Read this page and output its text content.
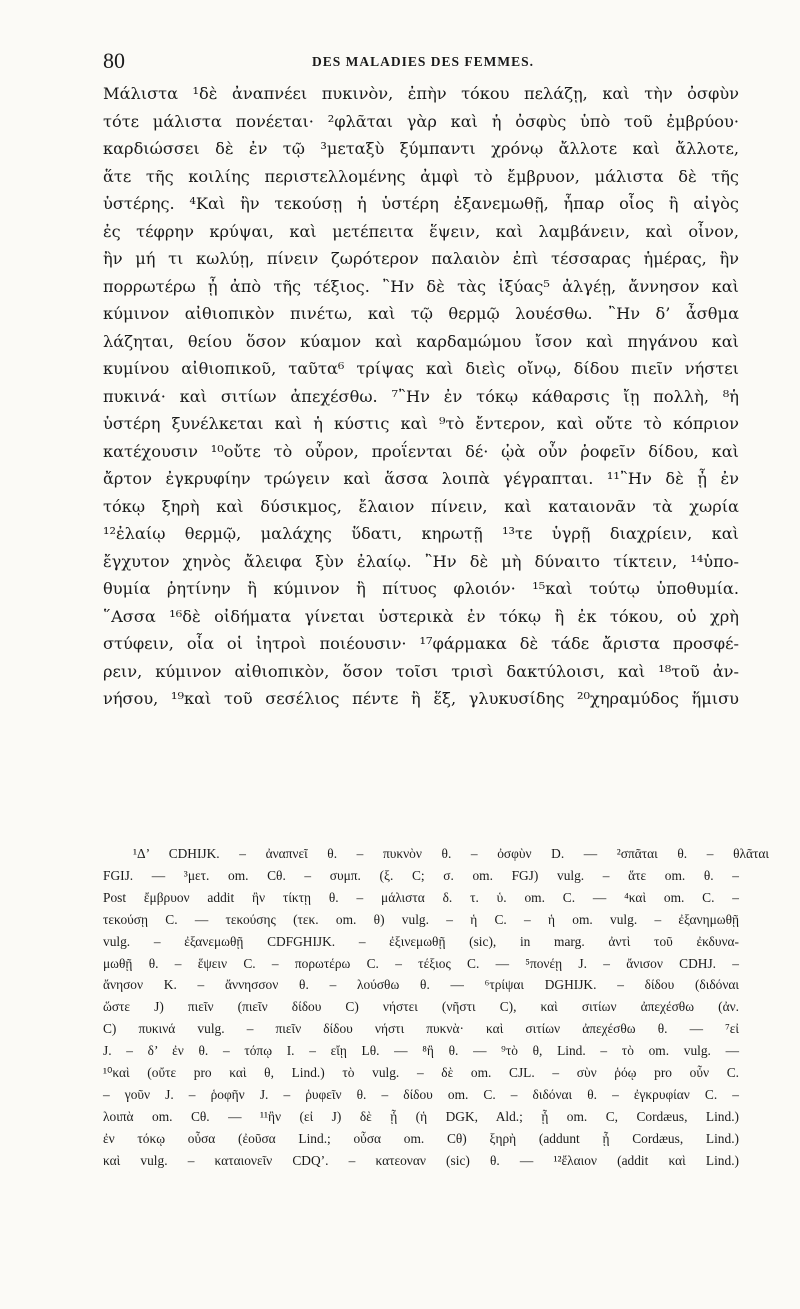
80	DES MALADIES DES FEMMES.
Μάλιστα ¹δὲ ἀναπνέει πυκινὸν, ἐπὴν τόκου πελάζῃ, καὶ τὴν ὀσφὺν
τότε μάλιστα πονέεται· ²φλᾶται γὰρ καὶ ἡ ὀσφὺς ὑπὸ τοῦ ἐμβρύου·
καρδιώσσει δὲ ἐν τῷ ³μεταξὺ ξύμπαντι χρόνῳ ἄλλοτε καὶ ἄλλοτε,
ἅτε τῆς κοιλίης περιστελλομένης ἀμφὶ τὸ ἔμβρυον, μάλιστα δὲ τῆς
ὑστέρης. ⁴Καὶ ἢν τεκούσῃ ἡ ὑστέρη ἐξανεμωθῇ, ἧπαρ οἷος ἢ αἰγὸς
ἐς τέφρην κρύψαι, καὶ μετέπειτα ἕψειν, καὶ λαμβάνειν, καὶ οἶνον,
ἢν μή τι κωλύῃ, πίνειν ζωρότερον παλαιὸν ἐπὶ τέσσαρας ἡμέρας, ἢν
πορρωτέρω ᾖ ἀπὸ τῆς τέξιος. ῍Ην δὲ τὰς ἰξύας⁵ ἀλγέῃ, ἄννησον καὶ
κύμινον αἰθιοπικὸν πινέτω, καὶ τῷ θερμῷ λουέσθω. ῍Ην δ’ ἆσθμα
λάζηται, θείου ὅσον κύαμον καὶ καρδαμώμου ἴσον καὶ πηγάνου καὶ
κυμίνου αἰθιοπικοῦ, ταῦτα⁶ τρίψας καὶ διεὶς οἴνῳ, δίδου πιεῖν νήστει
πυκινά· καὶ σιτίων ἀπεχέσθω. ⁷῍Ην ἐν τόκῳ κάθαρσις ἴῃ πολλὴ, ⁸ἡ
ὑστέρη ξυνέλκεται καὶ ἡ κύστις καὶ ⁹τὸ ἔντερον, καὶ οὔτε τὸ κόπριον
κατέχουσιν ¹⁰οὔτε τὸ οὖρον, προΐενται δέ· ᾠὰ οὖν ῥοφεῖν δίδου, καὶ
ἄρτον ἐγκρυφίην τρώγειν καὶ ἅσσα λοιπὰ γέγραπται. ¹¹῍Ην δὲ ᾖ ἐν
τόκῳ ξηρὴ καὶ δύσικμος, ἔλαιον πίνειν, καὶ καταιονᾶν τὰ χωρία
¹²ἐλαίῳ θερμῷ, μαλάχης ὕδατι, κηρωτῇ ¹³τε ὑγρῇ διαχρίειν, καὶ
ἔγχυτον χηνὸς ἄλειφα ξὺν ἐλαίῳ. ῍Ην δὲ μὴ δύναιτο τίκτειν, ¹⁴ὑπο-
θυμία ῥητίνην ἢ κύμινον ἢ πίτυος φλοιόν· ¹⁵καὶ τούτῳ ὑποθυμία.
῞Ασσα ¹⁶δὲ οἰδήματα γίνεται ὑστερικὰ ἐν τόκῳ ἢ ἐκ τόκου, οὐ χρὴ
στύφειν, οἷα οἱ ἰητροὶ ποιέουσιν· ¹⁷φάρμακα δὲ τάδε ἄριστα προσφέ-
ρειν, κύμινον αἰθιοπικὸν, ὅσον τοῖσι τρισὶ δακτύλοισι, καὶ ¹⁸τοῦ ἀν-
νήσου, ¹⁹καὶ τοῦ σεσέλιος πέντε ἢ ἕξ, γλυκυσίδης ²⁰χηραμύδος ἥμισυ
¹Δ’ CDHIJK. – ἀναπνεῖ θ. – πυκνὸν θ. – ὀσφὺν D. — ²σπᾶται θ. – θλᾶται
FGIJ. — ³μετ. om. Cθ. – συμπ. (ξ. C; σ. om. FGJ) vulg. – ἅτε om. θ. –
Post ἔμβρυον addit ἢν τίκτῃ θ. – μάλιστα δ. τ. ὑ. om. C. — ⁴καὶ om. C. –
τεκούσῃ C. — τεκούσης (τεκ. om. θ) vulg. – ἡ C. – ἡ om. vulg. – ἐξανημωθῇ
vulg. – ἐξανεμωθῇ CDFGHIJK. – ἐξινεμωθῇ (sic), in marg. ἀντὶ τοῦ ἐκδυνα-
μωθῇ θ. – ἕψειν C. – πορωτέρω C. – τέξιος C. — ⁵πονέῃ J. – ἄνισον CDHJ. –
ἄνησον K. – ἄννησσον θ. – λούσθω θ. — ⁶τρίψαι DGHIJK. – δίδου (διδόναι
ὥστε J) πιεῖν (πιεῖν δίδου C) νήστει (νῆστι C), καὶ σιτίων ἀπεχέσθω (ἀν.
C) πυκινά vulg. – πιεῖν δίδου νήστι πυκνὰ· καὶ σιτίων ἀπεχέσθω θ. — ⁷εἰ
J. – δ’ ἐν θ. – τόπῳ I. – εἴῃ Lθ. — ⁸ἢ θ. — ⁹τὸ θ, Lind. – τὸ om. vulg. —
¹⁰καὶ (οὔτε pro καὶ θ, Lind.) τὸ vulg. – δὲ om. CJL. – σὺν ῥόῳ pro οὖν C.
– γοῦν J. – ῥοφῆν J. – ῥυφεῖν θ. – δίδου om. C. – διδόναι θ. – ἐγκρυφίαν C. –
λοιπὰ om. Cθ. — ¹¹ἢν (εἰ J) δὲ ᾖ (ἡ DGK, Ald.; ᾖ om. C, Cordæus, Lind.)
ἐν τόκῳ οὖσα (ἐοῦσα Lind.; οὖσα om. Cθ) ξηρὴ (addunt ᾖ Cordæus, Lind.)
καὶ vulg. – καταιονεῖν CDQ’. – κατεοναν (sic) θ. — ¹²ἔλαιον (addit καὶ Lind.)
